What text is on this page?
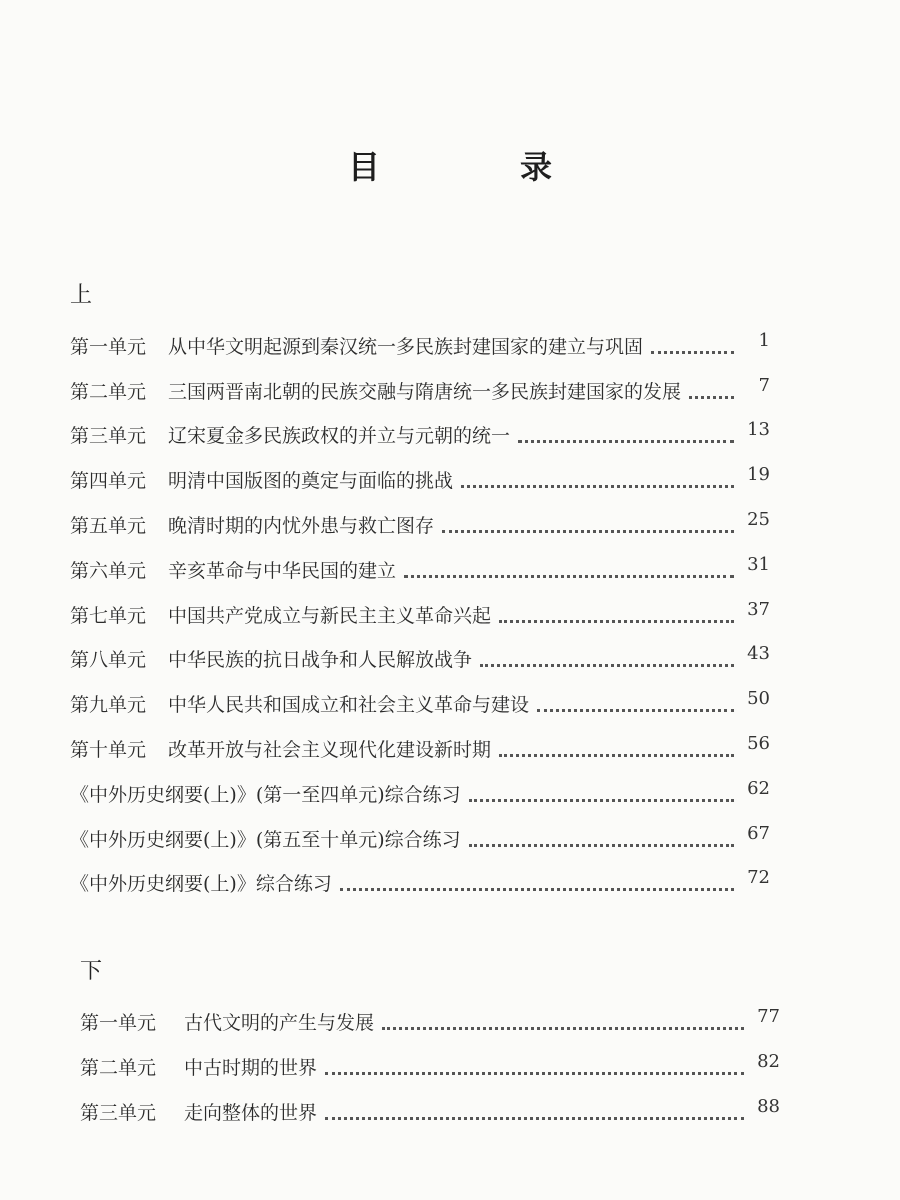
目　录
上
第一单元	从中华文明起源到秦汉统一多民族封建国家的建立与巩固	1
第二单元	三国两晋南北朝的民族交融与隋唐统一多民族封建国家的发展	7
第三单元	辽宋夏金多民族政权的并立与元朝的统一	13
第四单元	明清中国版图的奠定与面临的挑战	19
第五单元	晚清时期的内忧外患与救亡图存	25
第六单元	辛亥革命与中华民国的建立	31
第七单元	中国共产党成立与新民主主义革命兴起	37
第八单元	中华民族的抗日战争和人民解放战争	43
第九单元	中华人民共和国成立和社会主义革命与建设	50
第十单元	改革开放与社会主义现代化建设新时期	56
《中外历史纲要(上)》(第一至四单元)综合练习	62
《中外历史纲要(上)》(第五至十单元)综合练习	67
《中外历史纲要(上)》综合练习	72
下
第一单元	古代文明的产生与发展	77
第二单元	中古时期的世界	82
第三单元	走向整体的世界	88
